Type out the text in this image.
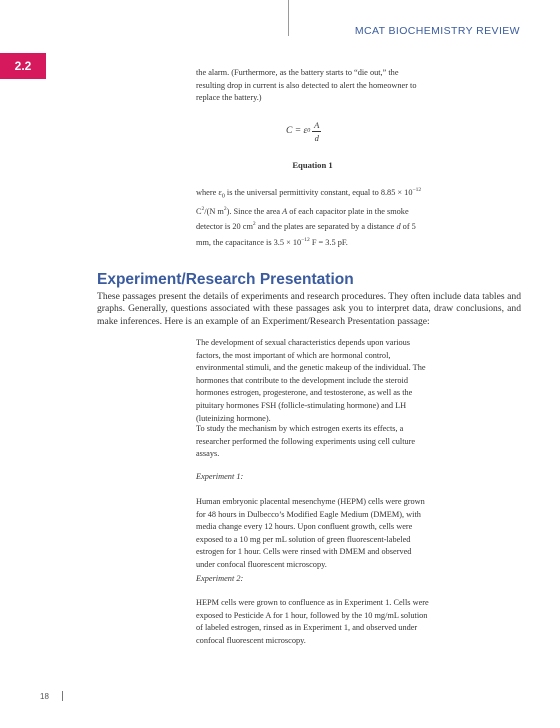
MCAT BIOCHEMISTRY REVIEW
2.2	the alarm. (Furthermore, as the battery starts to “die out,” the resulting drop in current is also detected to alert the homeowner to replace the battery.)

C = ε $0 \frac{A}{d}$
Equation 1

where $\varepsilon_0$ is the universal permittivity constant, equal to $8.85 \times 10^{-12}$ $C^2/(N$ $m^2$). Since the area A of each capacitor plate in the smoke detector is 20 $cm^2$ and the plates are separated by a distance d of 5 mm, the capacitance is $3.5 \times 10^{-12}$ F = 3.5 pF.

Experiment/Research Presentation

These passages present the details of experiments and research procedures. They often include data tables and graphs. Generally, questions associated with these passages ask you to interpret data, draw conclusions, and make inferences. Here is an example of an Experiment/Research Presentation passage:

The development of sexual characteristics depends upon various factors, the most important of which are hormonal control, environmental stimuli, and the genetic makeup of the individual. The hormones that contribute to the development include the steroid hormones estrogen, progesterone, and testosterone, as well as the pituitary hormones FSH (follicle-stimulating hormone) and LH (luteinizing hormone).

To study the mechanism by which estrogen exerts its effects, a researcher performed the following experiments using cell culture assays.

Experiment 1:

Human embryonic placental mesenchyme (HEPM) cells were grown for 48 hours in Dulbecco’s Modified Eagle Medium (DMEM), with media change every 12 hours. Upon confluent growth, cells were exposed to a 10 mg per mL solution of green fluorescent-labeled estrogen for 1 hour. Cells were rinsed with DMEM and observed under confocal fluorescent microscopy.

Experiment 2:

HEPM cells were grown to confluence as in Experiment 1. Cells were exposed to Pesticide A for 1 hour, followed by the 10 mg/mL solution of labeled estrogen, rinsed as in Experiment 1, and observed under confocal fluorescent microscopy.

18
